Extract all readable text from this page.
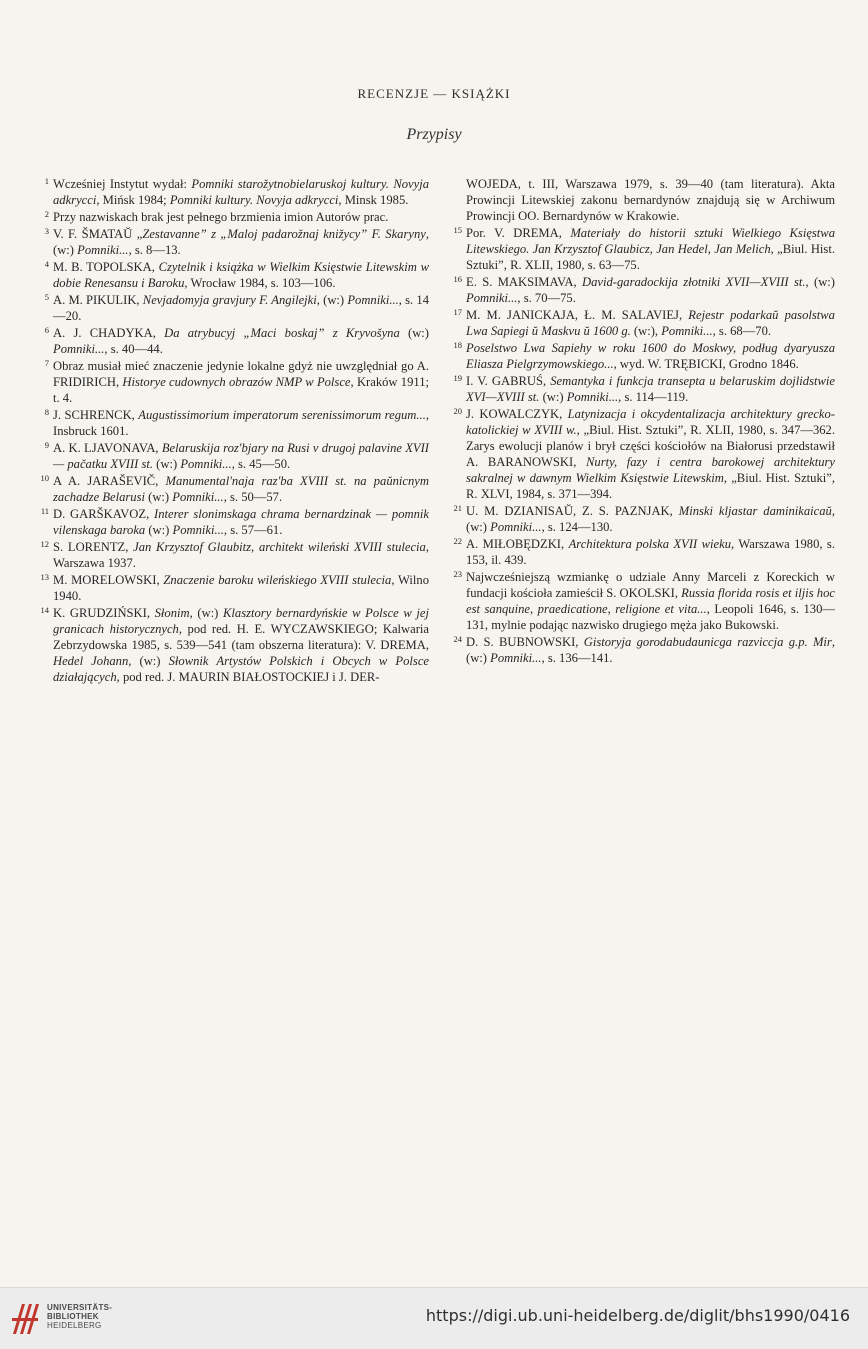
RECENZJE — KSIĄŻKI
Przypisy
1 Wcześniej Instytut wydał: Pomniki starožytnobielaruskoj kultury. Novyja adkrycci, Mińsk 1984; Pomniki kultury. Novyja adkrycci, Minsk 1985.
2 Przy nazwiskach brak jest pełnego brzmienia imion Autorów prac.
3 V. F. ŠMATAŬ „Zestavanne” z „Maloj padarožnaj knižycy” F. Skaryny, (w:) Pomniki..., s. 8—13.
4 M. B. TOPOLSKA, Czytelnik i książka w Wielkim Księstwie Litewskim w dobie Renesansu i Baroku, Wrocław 1984, s. 103—106.
5 A. M. PIKULIK, Nevjadomyja gravjury F. Angilejki, (w:) Pomniki..., s. 14—20.
6 A. J. CHADYKA, Da atrybucyj „Maci boskaj” z Kryvošyna (w:) Pomniki..., s. 40—44.
7 Obraz musiał mieć znaczenie jedynie lokalne gdyż nie uwzględniał go A. FRIDIRICH, Historye cudownych obrazów NMP w Polsce, Kraków 1911; t. 4.
8 J. SCHRENCK, Augustissimorium imperatorum serenissimorum regum..., Insbruck 1601.
9 A. K. LJAVONAVA, Belaruskija roz'bjary na Rusi v drugoj palavine XVII — pačatku XVIII st. (w:) Pomniki..., s. 45—50.
10 A A. JARAŠEVIČ, Manumental'naja raz'ba XVIII st. na paŭnicnym zachadze Belarusi (w:) Pomniki..., s. 50—57.
11 D. GARŠKAVOZ, Interer slonimskaga chrama bernardzinak — pomnik vilenskaga baroka (w:) Pomniki..., s. 57—61.
12 S. LORENTZ, Jan Krzysztof Glaubitz, architekt wileński XVIII stulecia, Warszawa 1937.
13 M. MORELOWSKI, Znaczenie baroku wileńskiego XVIII stulecia, Wilno 1940.
14 K. GRUDZIŃSKI, Słonim, (w:) Klasztory bernardyńskie w Polsce w jej granicach historycznych, pod red. H. E. WYCZAWSKIEGO; Kalwaria Zebrzydowska 1985, s. 539—541 (tam obszerna literatura): V. DREMA, Hedel Johann, (w:) Słownik Artystów Polskich i Obcych w Polsce działających, pod red. J. MAURIN BIAŁOSTOCKIEJ i J. DER-
WOJEDA, t. III, Warszawa 1979, s. 39—40 (tam literatura). Akta Prowincji Litewskiej zakonu bernardynów znajdują się w Archiwum Prowincji OO. Bernardynów w Krakowie.
15 Por. V. DREMA, Materiały do historii sztuki Wielkiego Księstwa Litewskiego. Jan Krzysztof Glaubicz, Jan Hedel, Jan Melich, „Biul. Hist. Sztuki”, R. XLII, 1980, s. 63—75.
16 E. S. MAKSIMAVA, David-garadockija złotniki XVII—XVIII st., (w:) Pomniki..., s. 70—75.
17 M. M. JANICKAJA, Ł. M. SALAVIEJ, Rejestr podarkaŭ pasolstwa Lwa Sapiegi ŭ Maskvu ŭ 1600 g. (w:), Pomniki..., s. 68—70.
18 Poselstwo Lwa Sapiehy w roku 1600 do Moskwy, podług dyaryusza Eliasza Pielgrzymowskiego..., wyd. W. TRĘBICKI, Grodno 1846.
19 I. V. GABRUŚ, Semantyka i funkcja transepta u belaruskim dojlidstwie XVI—XVIII st. (w:) Pomniki..., s. 114—119.
20 J. KOWALCZYK, Latynizacja i okcydentalizacja architektury grecko-katolickiej w XVIII w., „Biul. Hist. Sztuki”, R. XLII, 1980, s. 347—362. Zarys ewolucji planów i brył części kościołów na Białorusi przedstawił A. BARANOWSKI, Nurty, fazy i centra barokowej architektury sakralnej w dawnym Wielkim Księstwie Litewskim, „Biul. Hist. Sztuki”, R. XLVI, 1984, s. 371—394.
21 U. M. DZIANISAŬ, Z. S. PAZNJAK, Minski kljastar daminikaicaŭ, (w:) Pomniki..., s. 124—130.
22 A. MIŁOBĘDZKI, Architektura polska XVII wieku, Warszawa 1980, s. 153, il. 439.
23 Najwcześniejszą wzmiankę o udziale Anny Marceli z Koreckich w fundacji kościoła zamieścił S. OKOLSKI, Russia florida rosis et iljis hoc est sanquine, praedicatione, religione et vita..., Leopoli 1646, s. 130—131, mylnie podając nazwisko drugiego męża jako Bukowski.
24 D. S. BUBNOWSKI, Gistoryja gorodabudaunicga razviccja g.p. Mir, (w:) Pomniki..., s. 136—141.
UNIVERSITÄTS-
BIBLIOTHEK
HEIDELBERG
https://digi.ub.uni-heidelberg.de/diglit/bhs1990/0416
